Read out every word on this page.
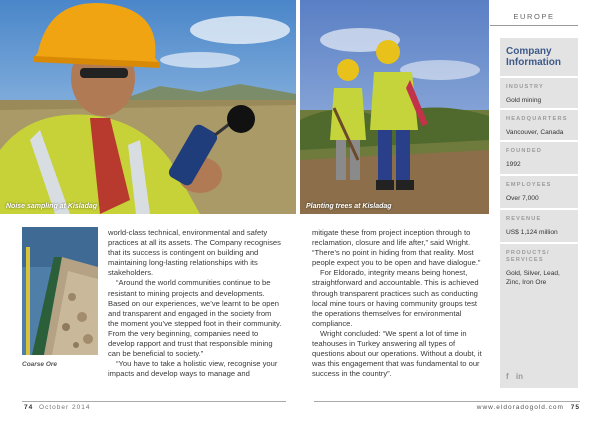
Noise sampling at Kisladag	Planting trees at Kisladag
Coarse Ore

world-class technical, environmental and safety practices at all its assets. The Company recognises that its success is contingent on building and maintaining long-lasting relationships with its stakeholders.

“Around the world communities continue to be resistant to mining projects and developments. Based on our experiences, we’ve learnt to be open and transparent and engaged in the society from the moment you’ve stepped foot in their community. From the very beginning, companies need to develop rapport and trust that responsible mining can be beneficial to society.”

“You have to take a holistic view, recognise your impacts and develop ways to manage and

mitigate these from project inception through to reclamation, closure and life after,” said Wright. “There’s no point in hiding from that reality. Most people expect you to be open and have dialogue.”

For Eldorado, integrity means being honest, straightforward and accountable. This is achieved through transparent practices such as conducting local mine tours or having community groups test the operations themselves for environmental compliance.

Wright concluded: “We spent a lot of time in teahouses in Turkey answering all types of questions about our operations. Without a doubt, it was this engagement that was fundamental to our success in the country”.

EUROPE
Company Information
INDUSTRY
Gold mining
HEADQUARTERS
Vancouver, Canada
FOUNDED
1992
EMPLOYEES
Over 7,000
REVENUE
US$ 1,124 million
PRODUCTS/ SERVICES
Gold, Silver, Lead, Zinc, Iron Ore
f in
74 October 2014	www.eldoradogold.com 75
